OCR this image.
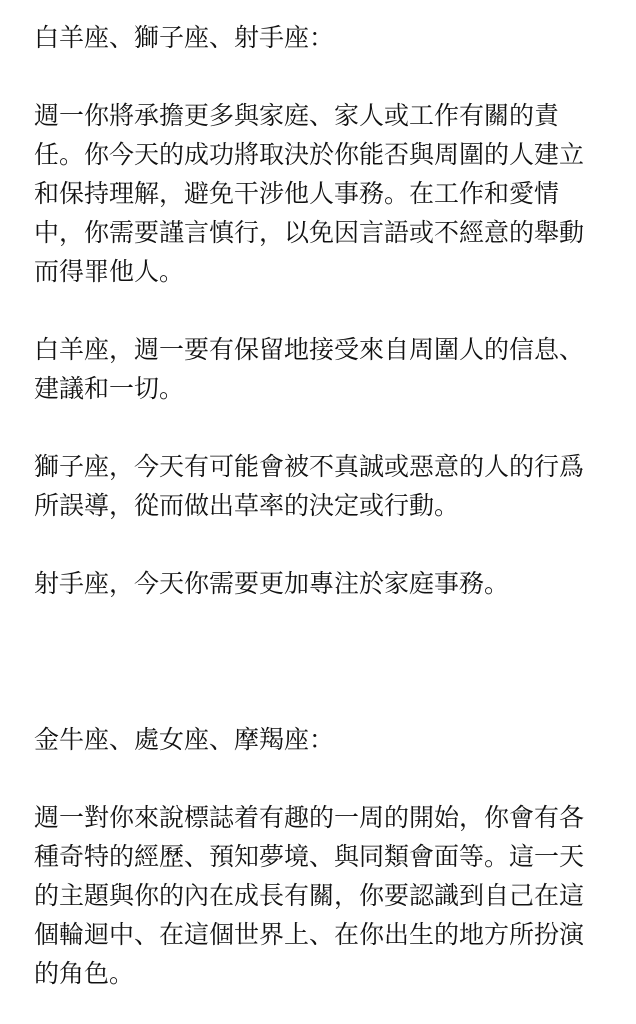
白羊座、獅子座、射手座：

週一你將承擔更多與家庭、家人或工作有關的責
任。你今天的成功將取決於你能否與周圍的人建立
和保持理解，避免干涉他人事務。在工作和愛情
中，你需要謹言慎行，以免因言語或不經意的舉動
而得罪他人。

白羊座，週一要有保留地接受來自周圍人的信息、
建議和一切。

獅子座，今天有可能會被不真誠或惡意的人的行爲
所誤導，從而做出草率的決定或行動。

射手座，今天你需要更加專注於家庭事務。

金牛座、處女座、摩羯座：

週一對你來說標誌着有趣的一周的開始，你會有各
種奇特的經歷、預知夢境、與同類會面等。這一天
的主題與你的內在成長有關，你要認識到自己在這
個輪迴中、在這個世界上、在你出生的地方所扮演
的角色。
